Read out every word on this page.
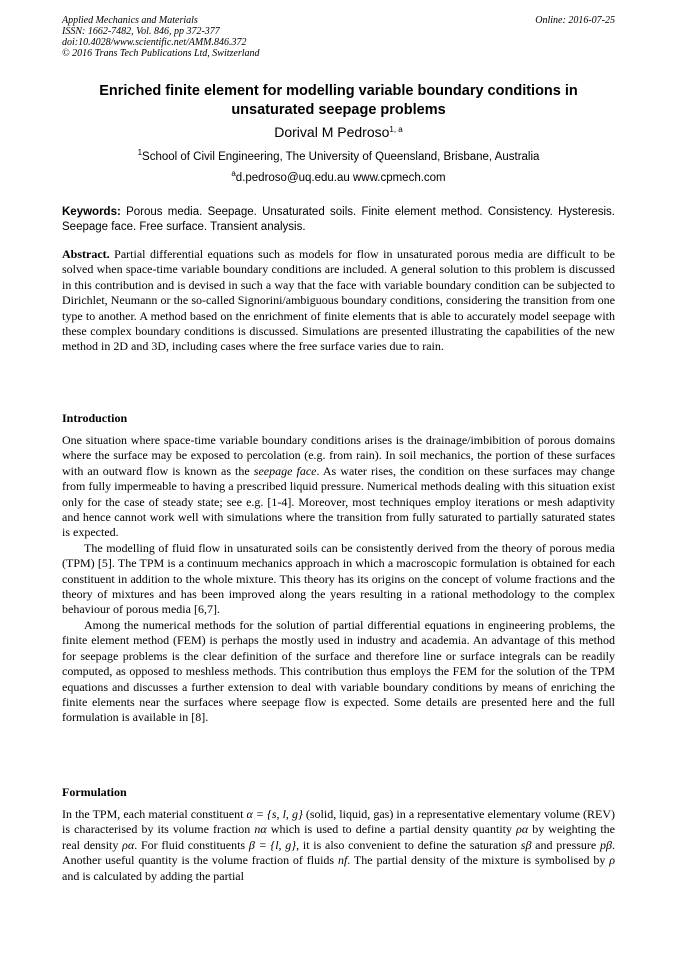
Applied Mechanics and Materials
ISSN: 1662-7482, Vol. 846, pp 372-377
doi:10.4028/www.scientific.net/AMM.846.372
© 2016 Trans Tech Publications Ltd, Switzerland
Online: 2016-07-25
Enriched finite element for modelling variable boundary conditions in
unsaturated seepage problems
Dorival M Pedroso$^{1, a}$
$^1$School of Civil Engineering, The University of Queensland, Brisbane, Australia
$^a$d.pedroso@uq.edu.au www.cpmech.com
Keywords: Porous media. Seepage. Unsaturated soils. Finite element method. Consistency. Hysteresis. Seepage face. Free surface. Transient analysis.

Abstract. Partial differential equations such as models for flow in unsaturated porous media are difficult to be solved when space-time variable boundary conditions are included. A general solution to this problem is discussed in this contribution and is devised in such a way that the face with variable boundary condition can be subjected to Dirichlet, Neumann or the so-called Signorini/ambiguous boundary conditions, considering the transition from one type to another. A method based on the enrichment of finite elements that is able to accurately model seepage with these complex boundary conditions is discussed. Simulations are presented illustrating the capabilities of the new method in 2D and 3D, including cases where the free surface varies due to rain.

Introduction

One situation where space-time variable boundary conditions arises is the drainage/imbibition of porous domains where the surface may be exposed to percolation (e.g. from rain). In soil mechanics, the portion of these surfaces with an outward flow is known as the seepage face. As water rises, the condition on these surfaces may change from fully impermeable to having a prescribed liquid pressure. Numerical methods dealing with this situation exist only for the case of steady state; see e.g. [1-4]. Moreover, most techniques employ iterations or mesh adaptivity and hence cannot work well with simulations where the transition from fully saturated to partially saturated states is expected.

The modelling of fluid flow in unsaturated soils can be consistently derived from the theory of porous media (TPM) [5]. The TPM is a continuum mechanics approach in which a macroscopic formulation is obtained for each constituent in addition to the whole mixture. This theory has its origins on the concept of volume fractions and the theory of mixtures and has been improved along the years resulting in a rational methodology to the complex behaviour of porous media [6,7].

Among the numerical methods for the solution of partial differential equations in engineering problems, the finite element method (FEM) is perhaps the mostly used in industry and academia. An advantage of this method for seepage problems is the clear definition of the surface and therefore line or surface integrals can be readily computed, as opposed to meshless methods. This contribution thus employs the FEM for the solution of the TPM equations and discusses a further extension to deal with variable boundary conditions by means of enriching the finite elements near the surfaces where seepage flow is expected. Some details are presented here and the full formulation is available in [8].

Formulation

In the TPM, each material constituent α = {s, l, g} (solid, liquid, gas) in a representative elementary volume (REV) is characterised by its volume fraction nα which is used to define a partial density quantity ρα by weighting the real density ρα. For fluid constituents β = {l, g}, it is also convenient to define the saturation sβ and pressure pβ. Another useful quantity is the volume fraction of fluids nf. The partial density of the mixture is symbolised by ρ and is calculated by adding the partial
